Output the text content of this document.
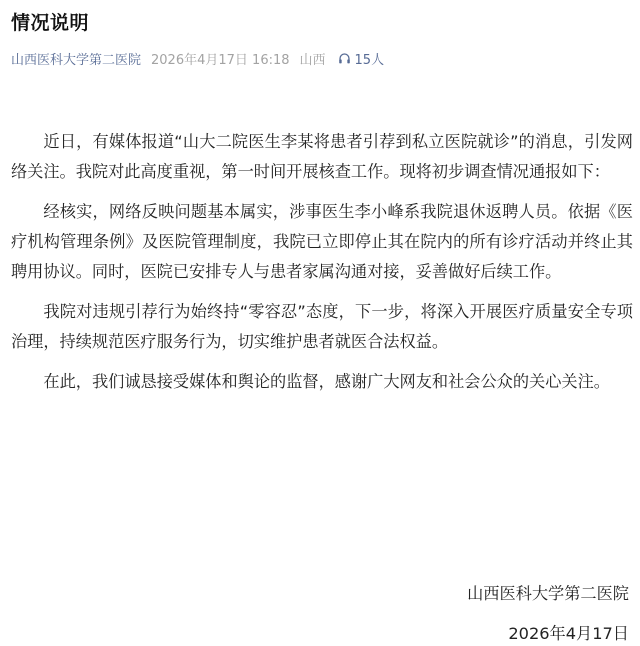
情况说明
山西医科大学第二医院 2026年4月17日 16:18 山西 15人

近日，有媒体报道“山大二院医生李某将患者引荐到私立医院就诊”的消息，引发网络关注。我院对此高度重视，第一时间开展核查工作。现将初步调查情况通报如下：

经核实，网络反映问题基本属实，涉事医生李小峰系我院退休返聘人员。依据《医疗机构管理条例》及医院管理制度，我院已立即停止其在院内的所有诊疗活动并终止其聘用协议。同时，医院已安排专人与患者家属沟通对接，妥善做好后续工作。

我院对违规引荐行为始终持“零容忍”态度，下一步，将深入开展医疗质量安全专项治理，持续规范医疗服务行为，切实维护患者就医合法权益。

在此，我们诚恳接受媒体和舆论的监督，感谢广大网友和社会公众的关心关注。

山西医科大学第二医院
2026年4月17日
